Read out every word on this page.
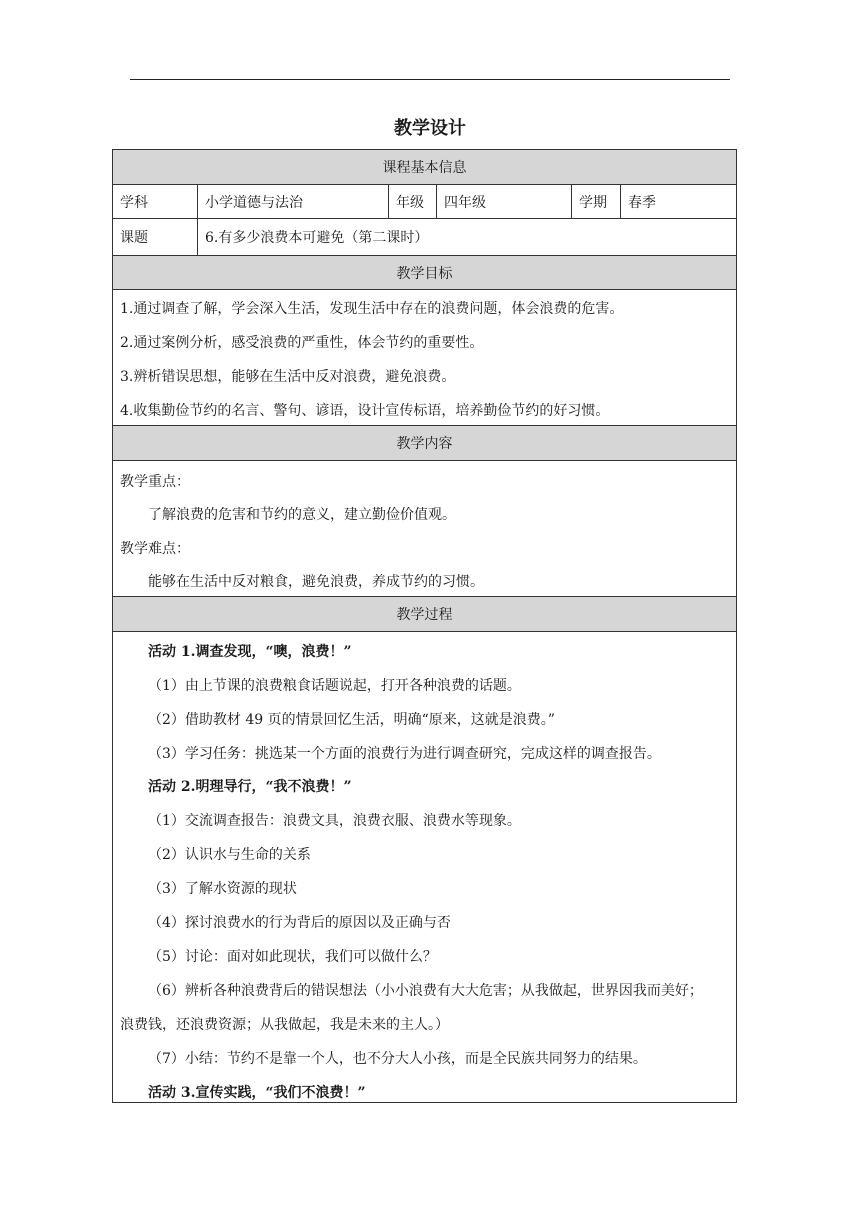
教学设计
课程基本信息
学科	小学道德与法治	年级	四年级	学期	春季
课题	6.有多少浪费本可避免（第二课时）
教学目标
1.通过调查了解，学会深入生活，发现生活中存在的浪费问题，体会浪费的危害。
2.通过案例分析，感受浪费的严重性，体会节约的重要性。
3.辨析错误思想，能够在生活中反对浪费，避免浪费。
4.收集勤俭节约的名言、警句、谚语，设计宣传标语，培养勤俭节约的好习惯。
教学内容
教学重点：
了解浪费的危害和节约的意义，建立勤俭价值观。
教学难点：
能够在生活中反对粮食，避免浪费，养成节约的习惯。
教学过程
活动 1.调查发现，“噢，浪费！”
（1）由上节课的浪费粮食话题说起，打开各种浪费的话题。
（2）借助教材 49 页的情景回忆生活，明确“原来，这就是浪费。”
（3）学习任务：挑选某一个方面的浪费行为进行调查研究，完成这样的调查报告。
活动 2.明理导行，“我不浪费！”
（1）交流调查报告：浪费文具，浪费衣服、浪费水等现象。
（2）认识水与生命的关系
（3）了解水资源的现状
（4）探讨浪费水的行为背后的原因以及正确与否
（5）讨论：面对如此现状，我们可以做什么？
（6）辨析各种浪费背后的错误想法（小小浪费有大大危害；从我做起，世界因我而美好；
浪费钱，还浪费资源；从我做起，我是未来的主人。）
（7）小结：节约不是靠一个人，也不分大人小孩，而是全民族共同努力的结果。
活动 3.宣传实践，“我们不浪费！”
